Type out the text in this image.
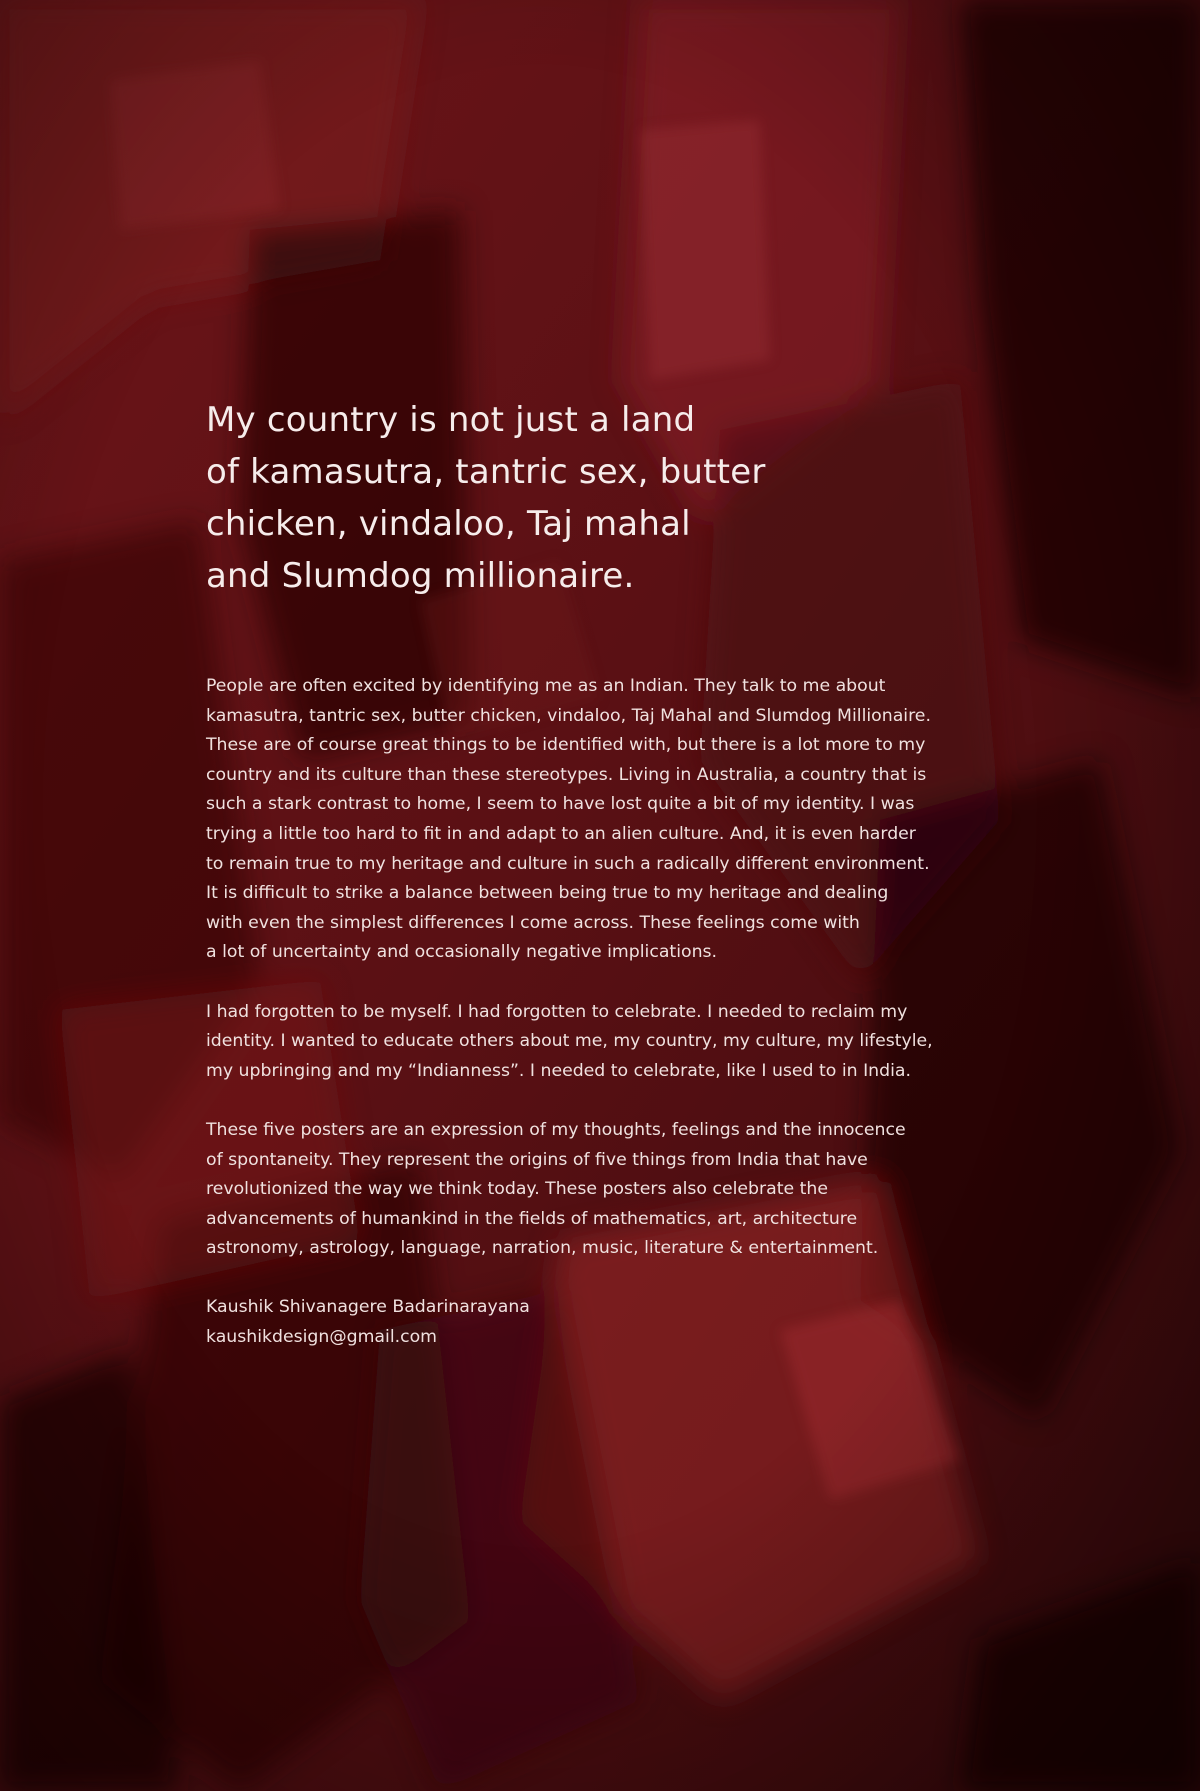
My country is not just a land
of kamasutra, tantric sex, butter
chicken, vindaloo, Taj mahal
and Slumdog millionaire.

People are often excited by identifying me as an Indian. They talk to me about
kamasutra, tantric sex, butter chicken, vindaloo, Taj Mahal and Slumdog Millionaire.
These are of course great things to be identified with, but there is a lot more to my
country and its culture than these stereotypes. Living in Australia, a country that is
such a stark contrast to home, I seem to have lost quite a bit of my identity. I was
trying a little too hard to fit in and adapt to an alien culture. And, it is even harder
to remain true to my heritage and culture in such a radically different environment.
It is difficult to strike a balance between being true to my heritage and dealing
with even the simplest differences I come across. These feelings come with
a lot of uncertainty and occasionally negative implications.

I had forgotten to be myself. I had forgotten to celebrate. I needed to reclaim my
identity. I wanted to educate others about me, my country, my culture, my lifestyle,
my upbringing and my “Indianness”. I needed to celebrate, like I used to in India.

These five posters are an expression of my thoughts, feelings and the innocence
of spontaneity. They represent the origins of five things from India that have
revolutionized the way we think today. These posters also celebrate the
advancements of humankind in the fields of mathematics, art, architecture
astronomy, astrology, language, narration, music, literature & entertainment.

Kaushik Shivanagere Badarinarayana
kaushikdesign@gmail.com
